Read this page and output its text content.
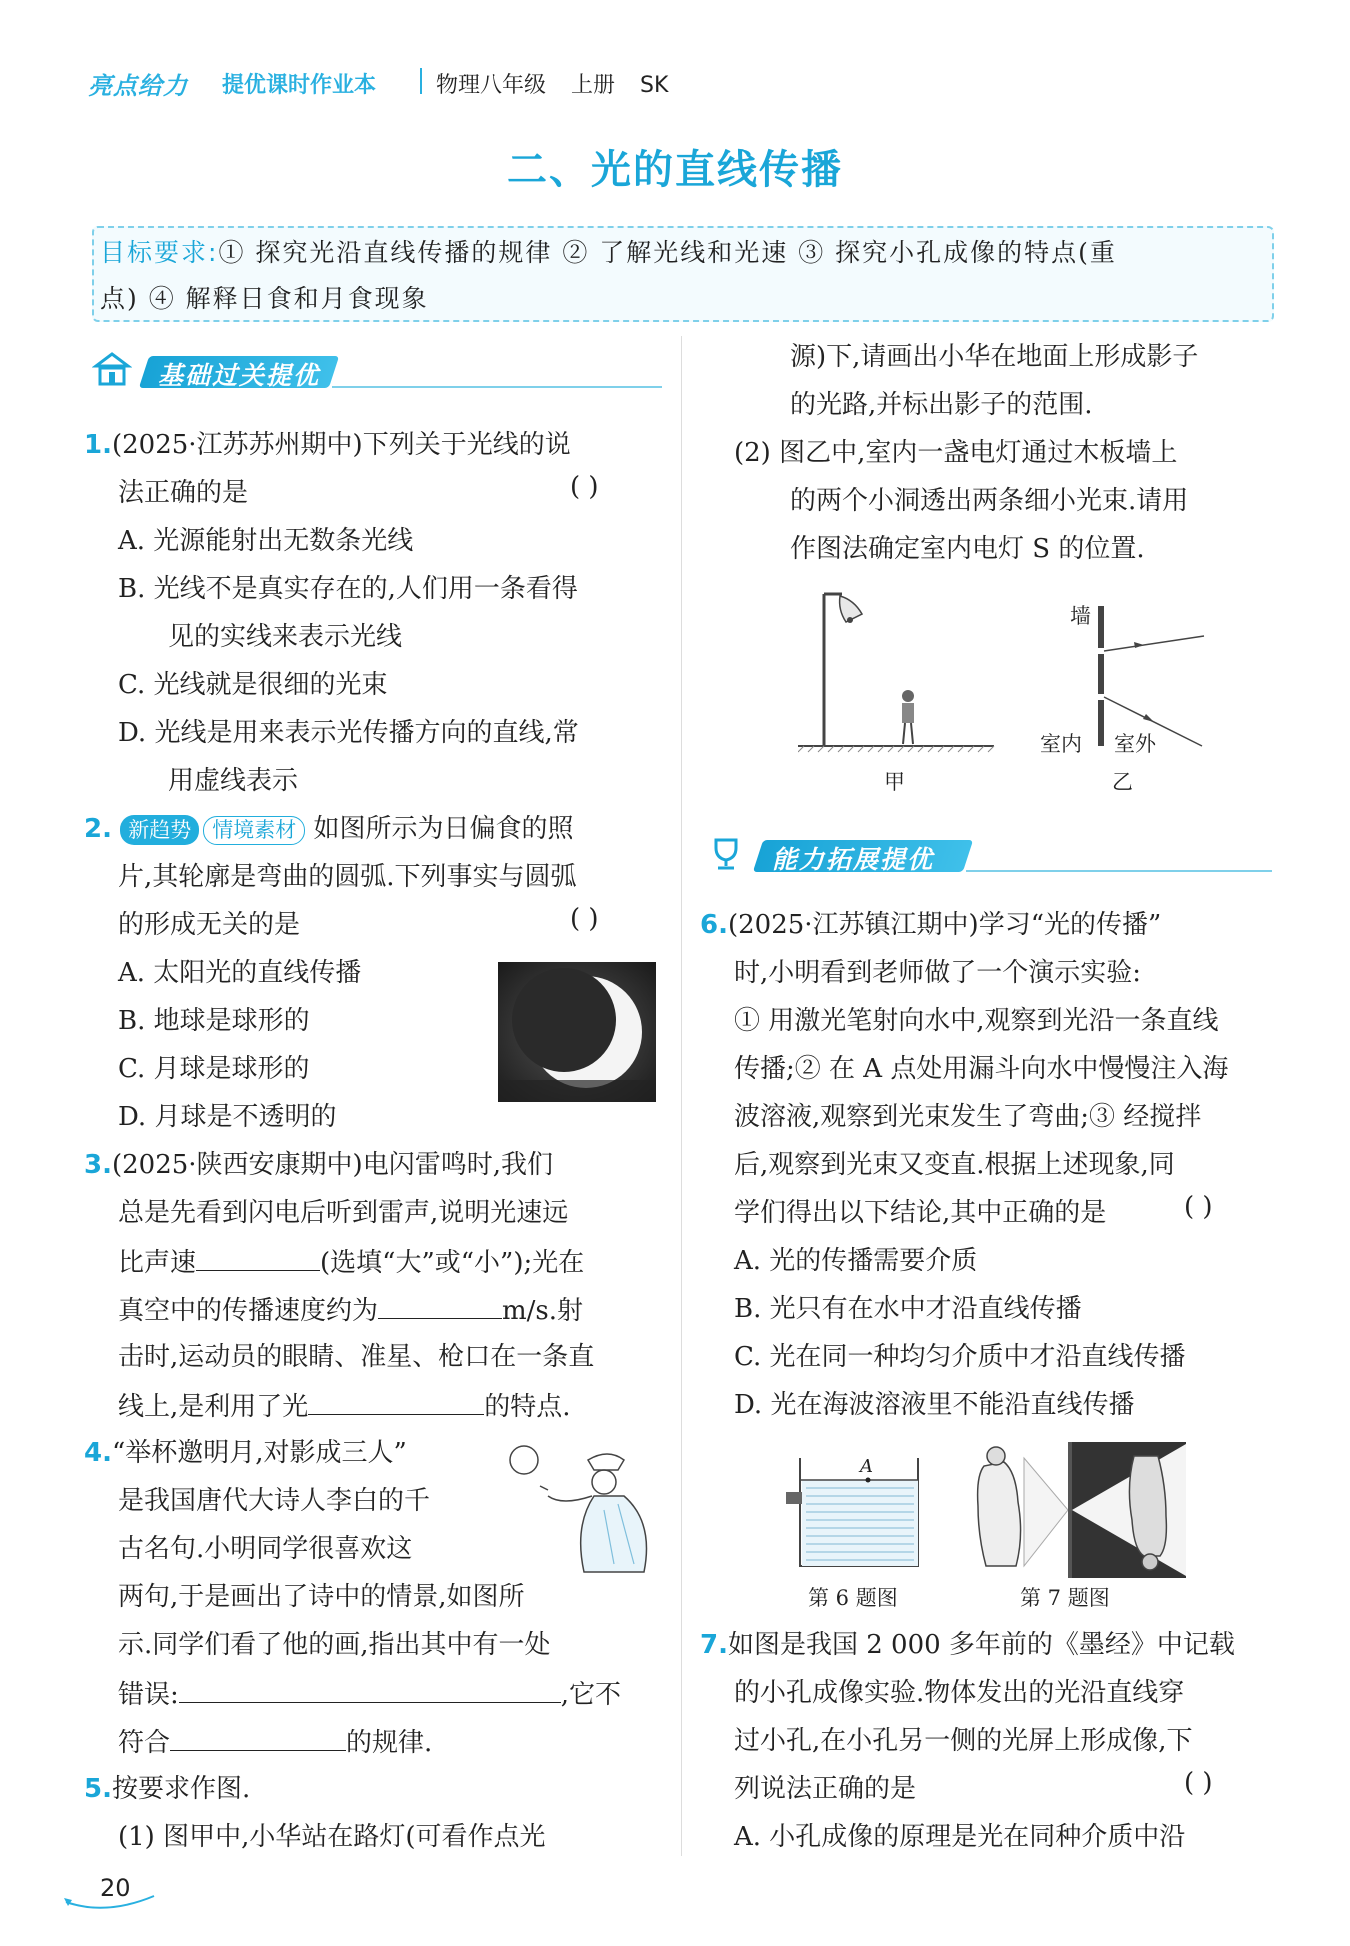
亮点给力 提优课时作业本	物理八年级 上册 SK
二、光的直线传播
目标要求:① 探究光沿直线传播的规律 ② 了解光线和光速 ③ 探究小孔成像的特点(重
点) ④ 解释日食和月食现象
基础过关提优
1.(2025·江苏苏州期中)下列关于光线的说
法正确的是	( )
A. 光源能射出无数条光线
B. 光线不是真实存在的,人们用一条看得
见的实线来表示光线
C. 光线就是很细的光束
D. 光线是用来表示光传播方向的直线,常
用虚线表示
2. 新趋势 情境素材 如图所示为日偏食的照
片,其轮廓是弯曲的圆弧.下列事实与圆弧
的形成无关的是	( )
A. 太阳光的直线传播
B. 地球是球形的
C. 月球是球形的
D. 月球是不透明的
3.(2025·陕西安康期中)电闪雷鸣时,我们
总是先看到闪电后听到雷声,说明光速远
比声速	(选填“大”或“小”);光在
真空中的传播速度约为	m/s.射
击时,运动员的眼睛、准星、枪口在一条直
线上,是利用了光	的特点.
4.“举杯邀明月,对影成三人”
是我国唐代大诗人李白的千
古名句.小明同学很喜欢这
两句,于是画出了诗中的情景,如图所
示.同学们看了他的画,指出其中有一处
错误:	,它不
符合	的规律.
5.按要求作图.
(1) 图甲中,小华站在路灯(可看作点光
源)下,请画出小华在地面上形成影子
的光路,并标出影子的范围.
(2) 图乙中,室内一盏电灯通过木板墙上
的两个小洞透出两条细小光束.请用
作图法确定室内电灯 S 的位置.
甲
墙
室内 室外
乙
能力拓展提优
6.(2025·江苏镇江期中)学习“光的传播”
时,小明看到老师做了一个演示实验:
① 用激光笔射向水中,观察到光沿一条直线
传播;② 在 A 点处用漏斗向水中慢慢注入海
波溶液,观察到光束发生了弯曲;③ 经搅拌
后,观察到光束又变直.根据上述现象,同
学们得出以下结论,其中正确的是	( )
A. 光的传播需要介质
B. 光只有在水中才沿直线传播
C. 光在同一种均匀介质中才沿直线传播
D. 光在海波溶液里不能沿直线传播
A
第 6 题图	第 7 题图
7.如图是我国 2 000 多年前的《墨经》中记载
的小孔成像实验.物体发出的光沿直线穿
过小孔,在小孔另一侧的光屏上形成像,下
列说法正确的是	( )
A. 小孔成像的原理是光在同种介质中沿
20
